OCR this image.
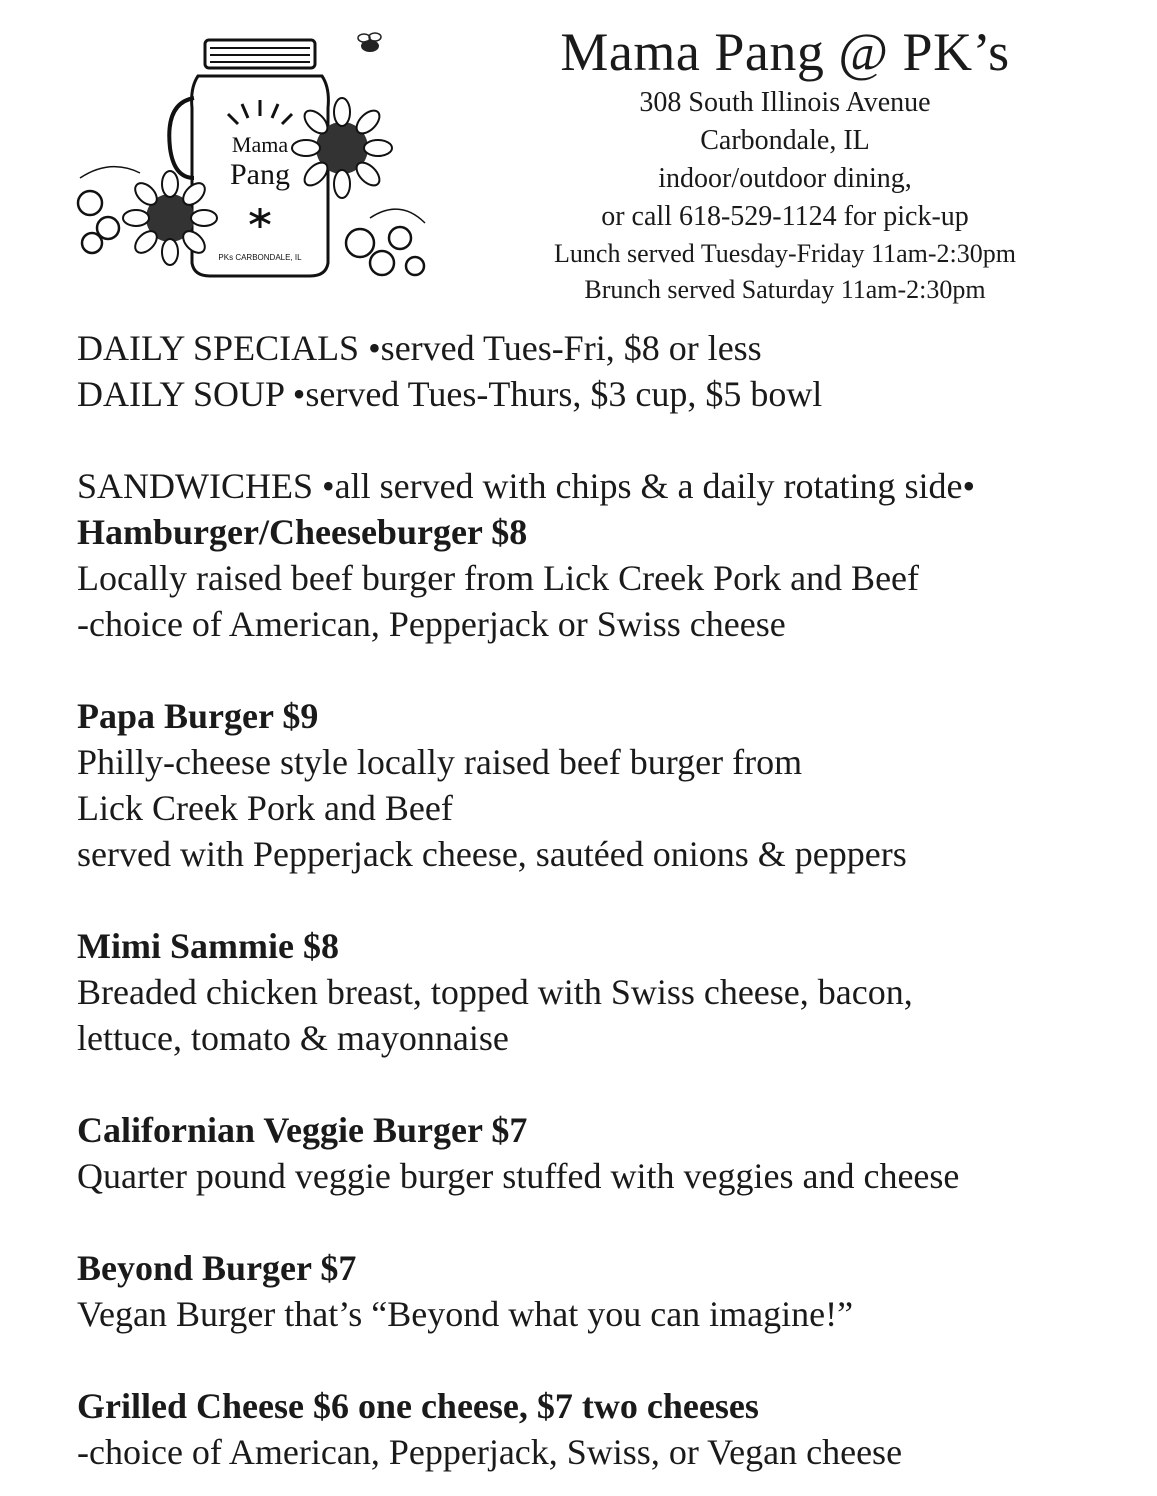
Mama
Pang
PKs CARBONDALE, IL
Mama Pang @ PK’s

308 South Illinois Avenue

Carbondale, IL

indoor/outdoor dining,

or call 618-529-1124 for pick-up

Lunch served Tuesday-Friday 11am-2:30pm

Brunch served Saturday 11am-2:30pm

DAILY SPECIALS •served Tues-Fri, $8 or less

DAILY SOUP •served Tues-Thurs, $3 cup, $5 bowl

SANDWICHES •all served with chips & a daily rotating side•

Hamburger/Cheeseburger $8

Locally raised beef burger from Lick Creek Pork and Beef

-choice of American, Pepperjack or Swiss cheese

Papa Burger $9

Philly-cheese style locally raised beef burger from

Lick Creek Pork and Beef

served with Pepperjack cheese, sautéed onions & peppers

Mimi Sammie $8

Breaded chicken breast, topped with Swiss cheese, bacon,

lettuce, tomato & mayonnaise

Californian Veggie Burger $7

Quarter pound veggie burger stuffed with veggies and cheese

Beyond Burger $7

Vegan Burger that’s “Beyond what you can imagine!”

Grilled Cheese $6 one cheese, $7 two cheeses

-choice of American, Pepperjack, Swiss, or Vegan cheese
